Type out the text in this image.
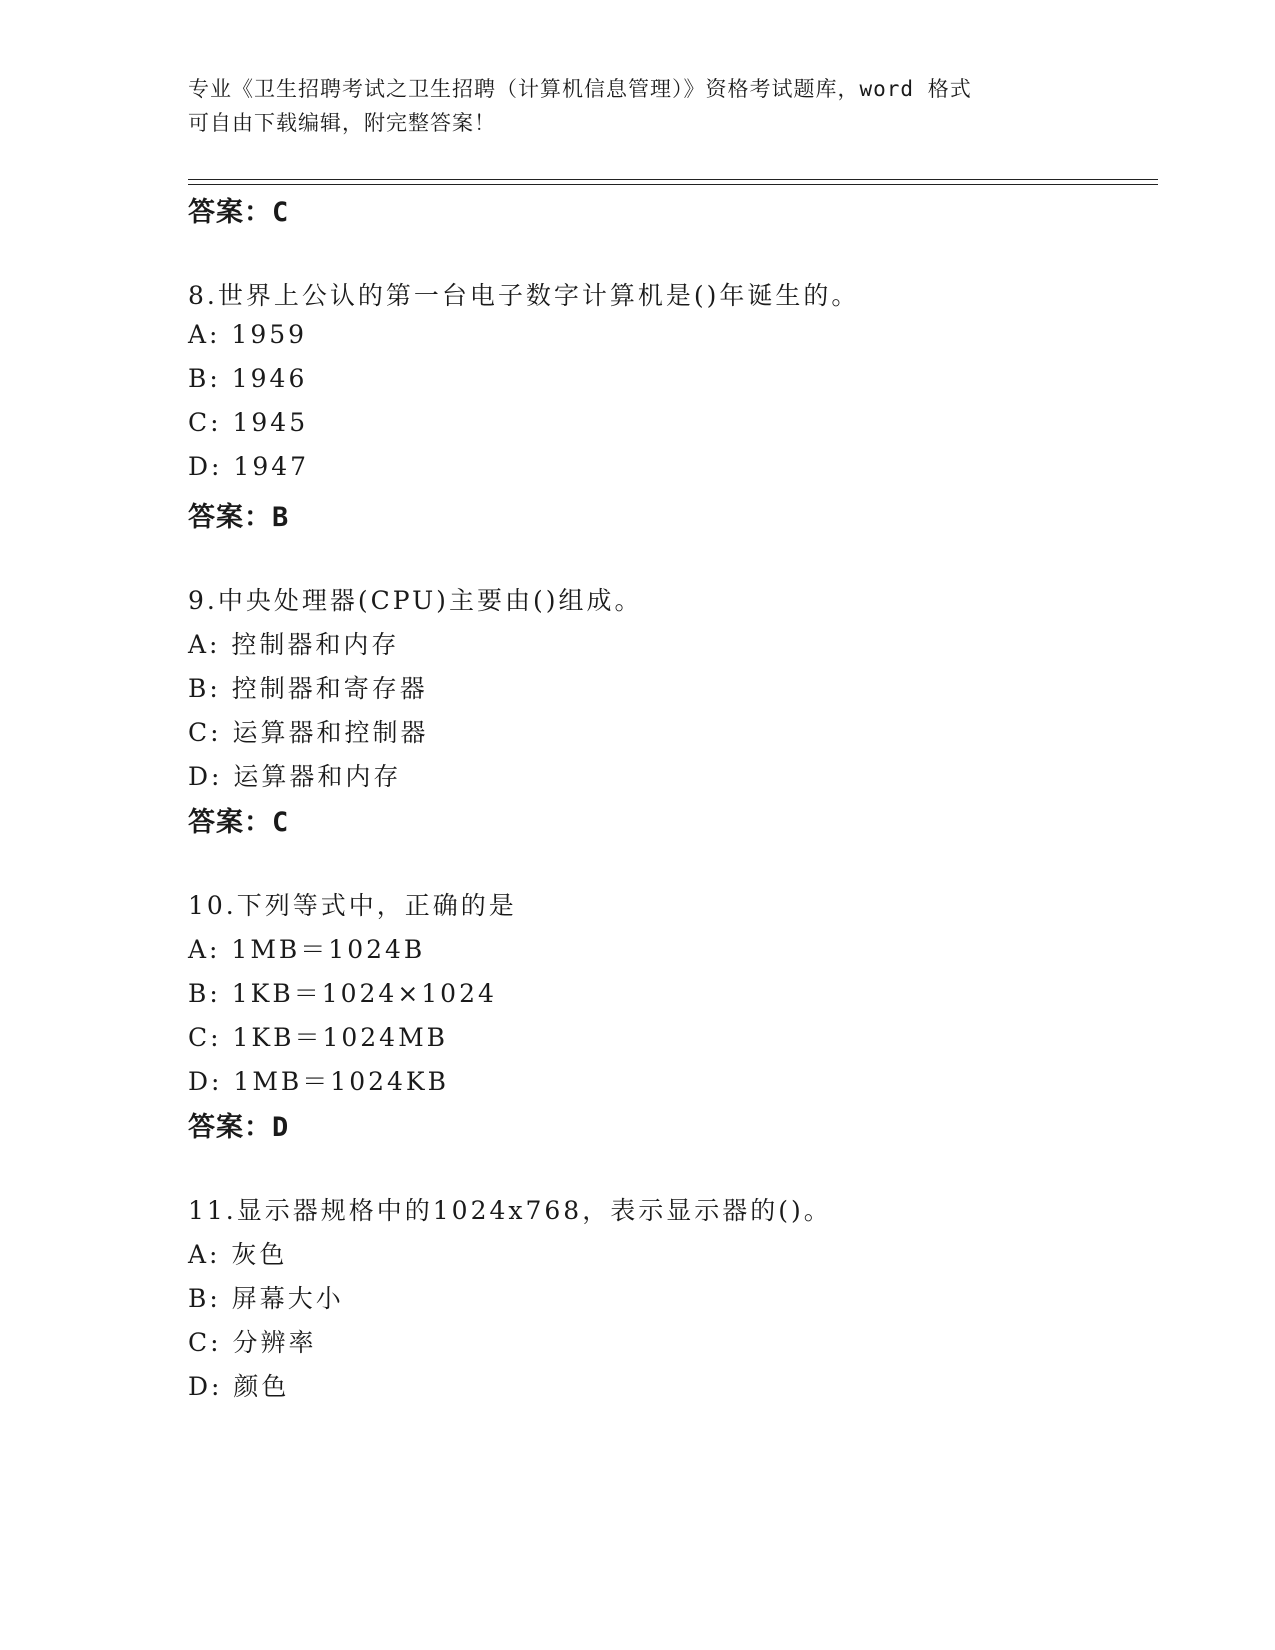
专业《卫生招聘考试之卫生招聘（计算机信息管理）》资格考试题库，word 格式
可自由下载编辑，附完整答案！
答案：C
8.世界上公认的第一台电子数字计算机是()年诞生的。
A: 1959
B: 1946
C: 1945
D: 1947
答案：B
9.中央处理器(CPU)主要由()组成。
A: 控制器和内存
B: 控制器和寄存器
C: 运算器和控制器
D: 运算器和内存
答案：C
10.下列等式中，正确的是
A: 1MB＝1024B
B: 1KB＝1024×1024
C: 1KB＝1024MB
D: 1MB＝1024KB
答案：D
11.显示器规格中的1024x768，表示显示器的()。
A: 灰色
B: 屏幕大小
C: 分辨率
D: 颜色
